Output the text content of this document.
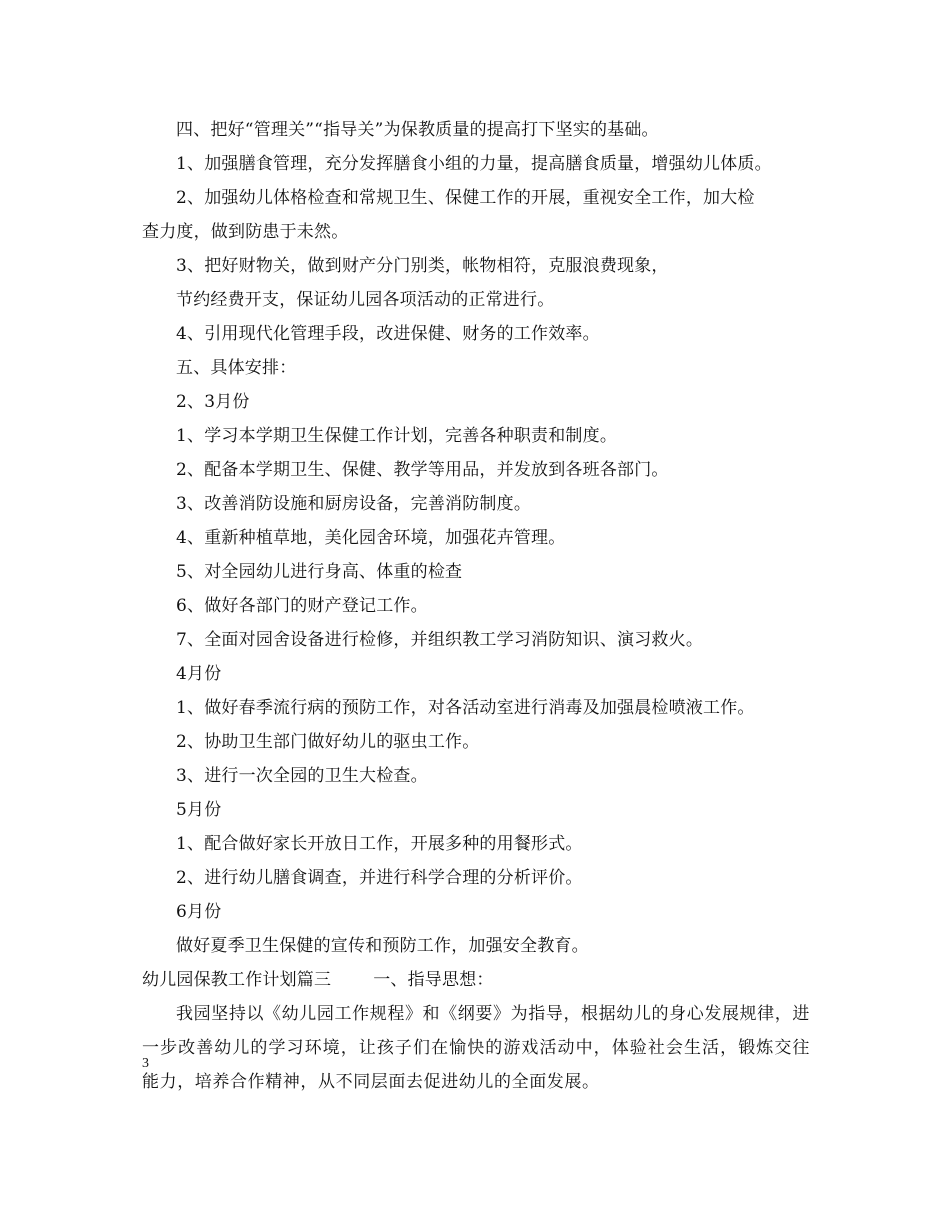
四、把好“管理关”“指导关”为保教质量的提高打下坚实的基础。
1、加强膳食管理，充分发挥膳食小组的力量，提高膳食质量，增强幼儿体质。
2、加强幼儿体格检查和常规卫生、保健工作的开展，重视安全工作，加大检
查力度，做到防患于未然。
3、把好财物关，做到财产分门别类，帐物相符，克服浪费现象，
节约经费开支，保证幼儿园各项活动的正常进行。
4、引用现代化管理手段，改进保健、财务的工作效率。
五、具体安排：
2、3月份
1、学习本学期卫生保健工作计划，完善各种职责和制度。
2、配备本学期卫生、保健、教学等用品，并发放到各班各部门。
3、改善消防设施和厨房设备，完善消防制度。
4、重新种植草地，美化园舍环境，加强花卉管理。
5、对全园幼儿进行身高、体重的检查
6、做好各部门的财产登记工作。
7、全面对园舍设备进行检修，并组织教工学习消防知识、演习救火。
4月份
1、做好春季流行病的预防工作，对各活动室进行消毒及加强晨检喷液工作。
2、协助卫生部门做好幼儿的驱虫工作。
3、进行一次全园的卫生大检查。
5月份
1、配合做好家长开放日工作，开展多种的用餐形式。
2、进行幼儿膳食调查，并进行科学合理的分析评价。
6月份
做好夏季卫生保健的宣传和预防工作，加强安全教育。
幼儿园保教工作计划篇三 一、指导思想：
我园坚持以《幼儿园工作规程》和《纲要》为指导，根据幼儿的身心发展规律，进一步改善幼儿的学习环境，让孩子们在愉快的游戏活动中，体验社会生活，锻炼交往能力，培养合作精神，从不同层面去促进幼儿的全面发展。
3
